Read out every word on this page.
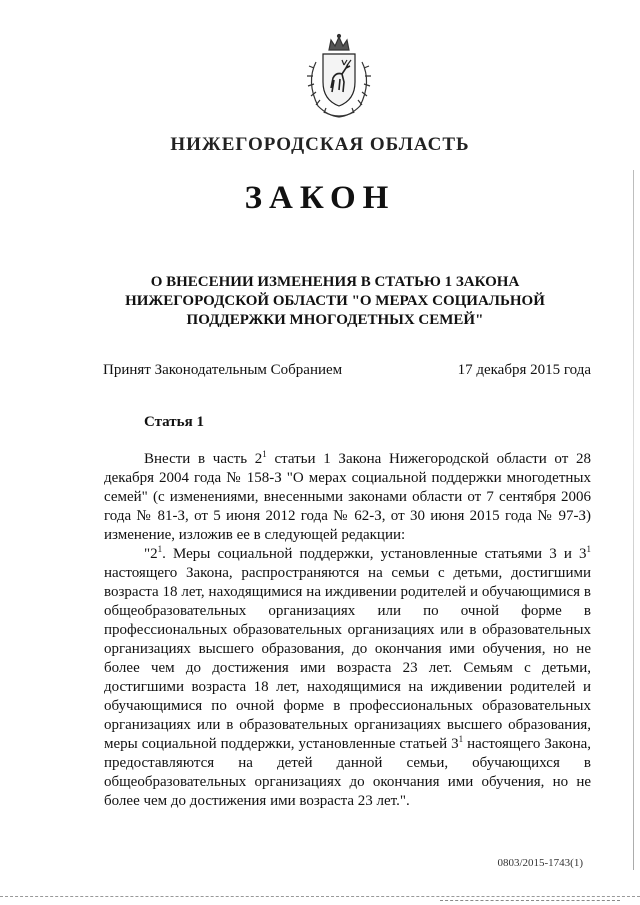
НИЖЕГОРОДСКАЯ ОБЛАСТЬ
ЗАКОН
О ВНЕСЕНИИ ИЗМЕНЕНИЯ В СТАТЬЮ 1 ЗАКОНА
НИЖЕГОРОДСКОЙ ОБЛАСТИ "О МЕРАХ СОЦИАЛЬНОЙ
ПОДДЕРЖКИ МНОГОДЕТНЫХ СЕМЕЙ"
Принят Законодательным Собранием	17 декабря 2015 года
Статья 1

Внести в часть $2^1$ статьи 1 Закона Нижегородской области от 28 декабря 2004 года № 158-З "О мерах социальной поддержки многодетных семей" (с изменениями, внесенными законами области от 7 сентября 2006 года № 81-З, от 5 июня 2012 года № 62-З, от 30 июня 2015 года № 97-З) изменение, изложив ее в следующей редакции:

"$2^1$. Меры социальной поддержки, установленные статьями 3 и $3^1$ настоящего Закона, распространяются на семьи с детьми, достигшими возраста 18 лет, находящимися на иждивении родителей и обучающимися в общеобразовательных организациях или по очной форме в профессиональных образовательных организациях или в образовательных организациях высшего образования, до окончания ими обучения, но не более чем до достижения ими возраста 23 лет. Семьям с детьми, достигшими возраста 18 лет, находящимися на иждивении родителей и обучающимися по очной форме в профессиональных образовательных организациях или в образовательных организациях высшего образования, меры социальной поддержки, установленные статьей $3^1$ настоящего Закона, предоставляются на детей данной семьи, обучающихся в общеобразовательных организациях до окончания ими обучения, но не более чем до достижения ими возраста 23 лет.".

0803/2015-1743(1)
